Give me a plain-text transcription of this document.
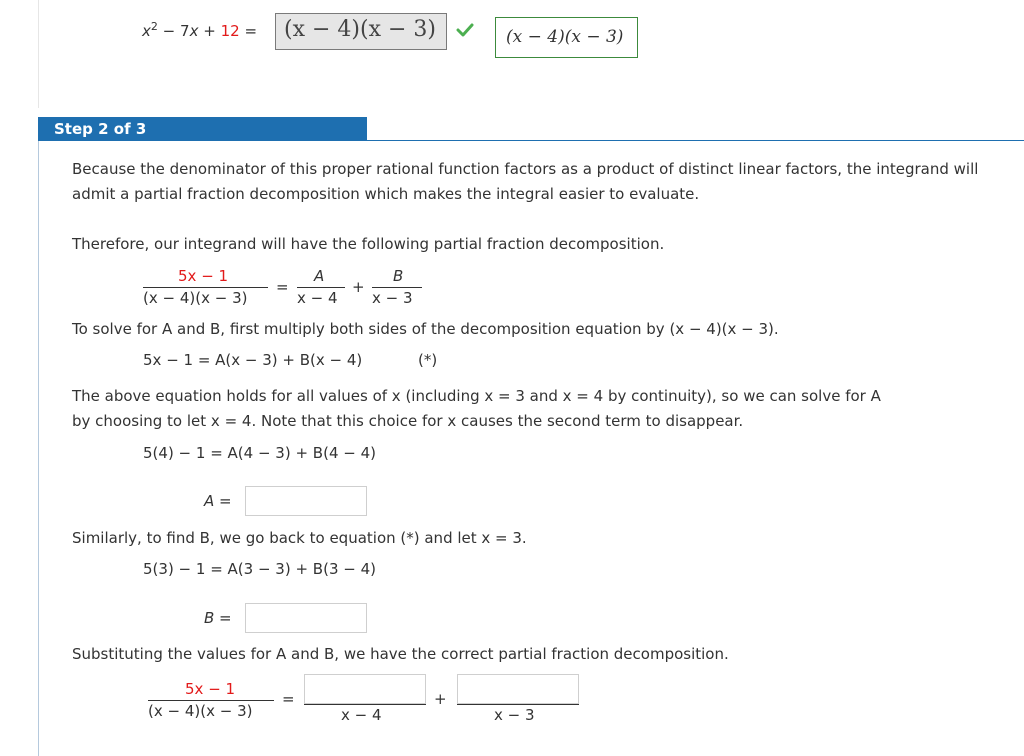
$x^2 - 7x + 12 = (x - 4)(x - 3)$	(x − 4)(x − 3)
Step 2 of 3
Because the denominator of this proper rational function factors as a product of distinct linear factors, the integrand will admit a partial fraction decomposition which makes the integral easier to evaluate.
Therefore, our integrand will have the following partial fraction decomposition.
5x − 1
(x − 4)(x − 3)
=
A
x − 4
+
B
x − 3
To solve for A and B, first multiply both sides of the decomposition equation by (x − 4)(x − 3).
5x − 1 = A(x − 3) + B(x − 4)	(*)
The above equation holds for all values of x (including x = 3 and x = 4 by continuity), so we can solve for A
by choosing to let x = 4. Note that this choice for x causes the second term to disappear.
5(4) − 1 = A(4 − 3) + B(4 − 4)
A =
Similarly, to find B, we go back to equation (*) and let x = 3.
5(3) − 1 = A(3 − 3) + B(3 − 4)
B =
Substituting the values for A and B, we have the correct partial fraction decomposition.
5x − 1
(x − 4)(x − 3)
=
x − 4
+
x − 3
